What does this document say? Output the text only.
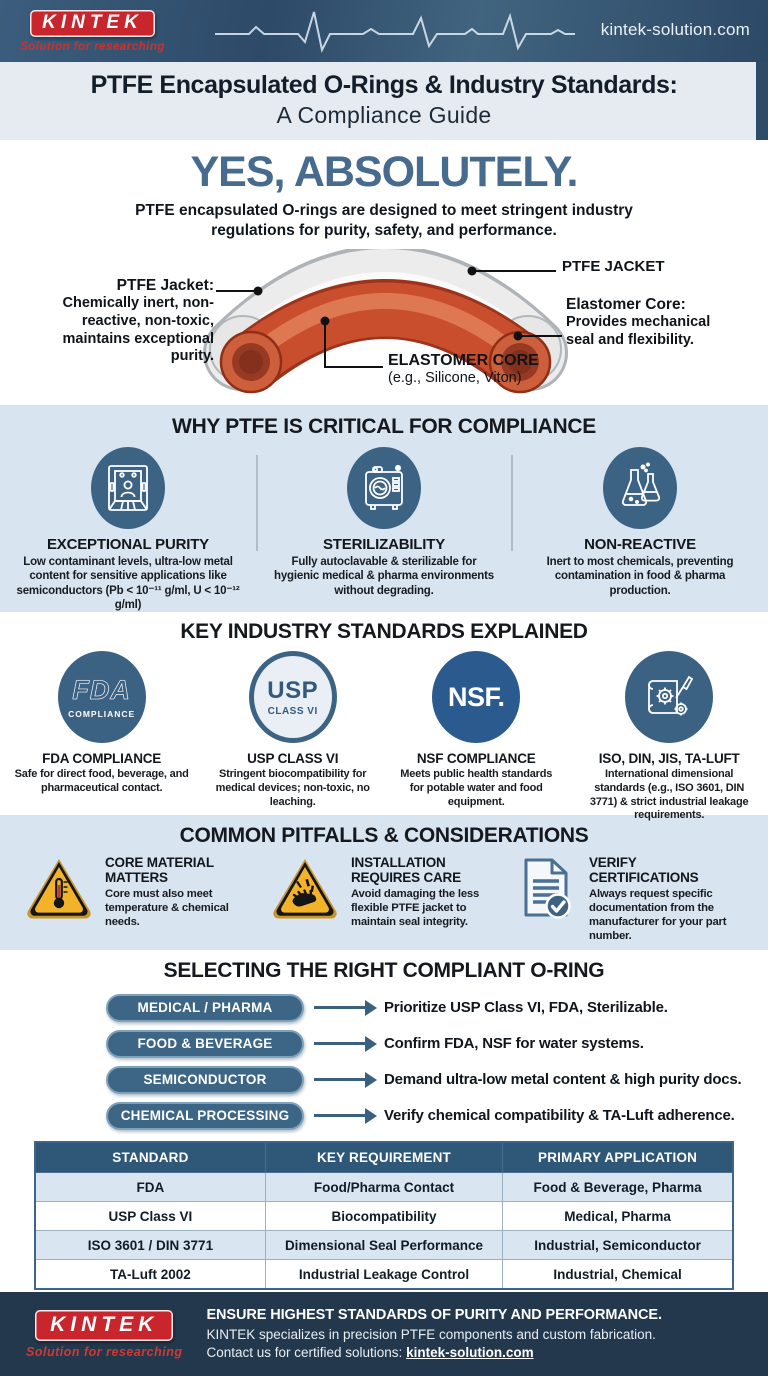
KINTEK
Solution for researching
kintek-solution.com
PTFE Encapsulated O-Rings & Industry Standards:
A Compliance Guide
YES, ABSOLUTELY.
PTFE encapsulated O-rings are designed to meet stringent industry regulations for purity, safety, and performance.
PTFE Jacket:
Chemically inert, non-reactive, non-toxic, maintains exceptional purity.
PTFE JACKET
Elastomer Core:
Provides mechanical seal and flexibility.
ELASTOMER CORE
(e.g., Silicone, Viton)
WHY PTFE IS CRITICAL FOR COMPLIANCE
EXCEPTIONAL PURITY

Low contaminant levels, ultra-low metal content for sensitive applications like semiconductors (Pb < 10⁻¹¹ g/ml, U < 10⁻¹² g/ml)

STERILIZABILITY

Fully autoclavable & sterilizable for hygienic medical & pharma environments without degrading.

NON-REACTIVE

Inert to most chemicals, preventing contamination in food & pharma production.

KEY INDUSTRY STANDARDS EXPLAINED
FDA
COMPLIANCE
FDA COMPLIANCE

Safe for direct food, beverage, and pharmaceutical contact.

USP
CLASS VI
USP CLASS VI

Stringent biocompatibility for medical devices; non-toxic, no leaching.

NSF.
NSF COMPLIANCE

Meets public health standards for potable water and food equipment.

ISO, DIN, JIS, TA-LUFT

International dimensional standards (e.g., ISO 3601, DIN 3771) & strict industrial leakage requirements.

COMMON PITFALLS & CONSIDERATIONS
CORE MATERIAL MATTERS

Core must also meet temperature & chemical needs.

INSTALLATION REQUIRES CARE

Avoid damaging the less flexible PTFE jacket to maintain seal integrity.

VERIFY CERTIFICATIONS

Always request specific documentation from the manufacturer for your part number.

SELECTING THE RIGHT COMPLIANT O-RING
MEDICAL / PHARMA	Prioritize USP Class VI, FDA, Sterilizable.
FOOD & BEVERAGE	Confirm FDA, NSF for water systems.
SEMICONDUCTOR	Demand ultra-low metal content & high purity docs.
CHEMICAL PROCESSING	Verify chemical compatibility & TA-Luft adherence.
STANDARD	KEY REQUIREMENT	PRIMARY APPLICATION
FDA	Food/Pharma Contact	Food & Beverage, Pharma
USP Class VI	Biocompatibility	Medical, Pharma
ISO 3601 / DIN 3771	Dimensional Seal Performance	Industrial, Semiconductor
TA-Luft 2002	Industrial Leakage Control	Industrial, Chemical
KINTEK
Solution for researching
ENSURE HIGHEST STANDARDS OF PURITY AND PERFORMANCE.
KINTEK specializes in precision PTFE components and custom fabrication.
Contact us for certified solutions: kintek-solution.com
